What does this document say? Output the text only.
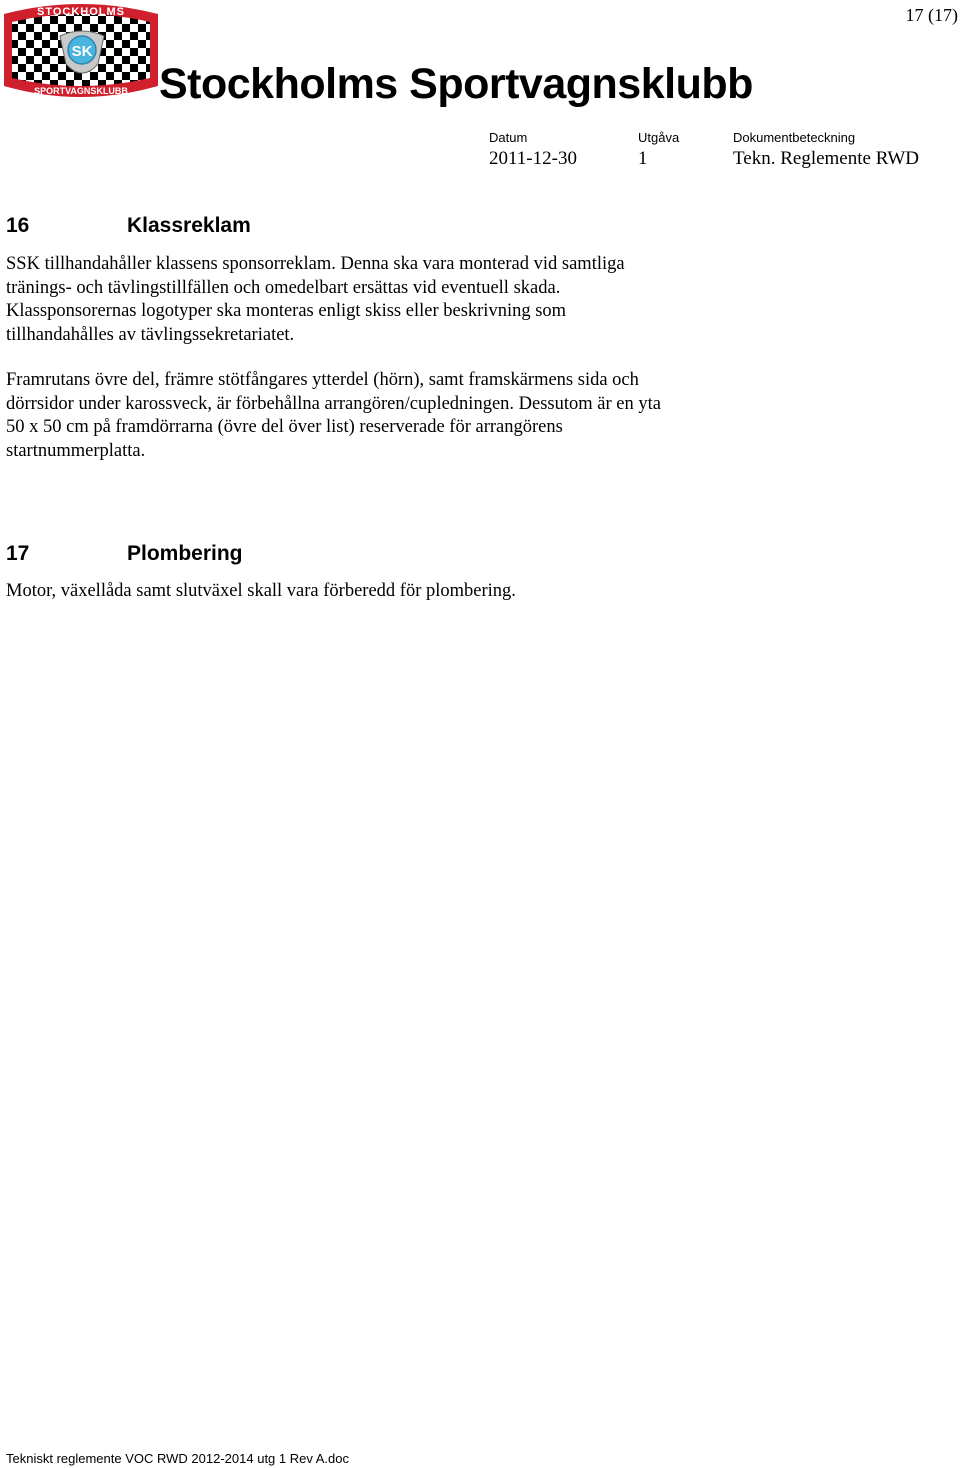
17 (17)
SK
STOCKHOLMS
SPORTVAGNSKLUBB Stockholms Sportvagnsklubb
Datum	Utgåva	Dokumentbeteckning
2011-12-30	1	Tekn. Reglemente RWD
16	Klassreklam
SSK tillhandahåller klassens sponsorreklam. Denna ska vara monterad vid samtliga
tränings- och tävlingstillfällen och omedelbart ersättas vid eventuell skada.
Klassponsorernas logotyper ska monteras enligt skiss eller beskrivning som
tillhandahålles av tävlingssekretariatet.
Framrutans övre del, främre stötfångares ytterdel (hörn), samt framskärmens sida och
dörrsidor under karossveck, är förbehållna arrangören/cupledningen. Dessutom är en yta
50 x 50 cm på framdörrarna (övre del över list) reserverade för arrangörens
startnummerplatta.
17	Plombering
Motor, växellåda samt slutväxel skall vara förberedd för plombering.
Tekniskt reglemente VOC RWD 2012-2014 utg 1 Rev A.doc
